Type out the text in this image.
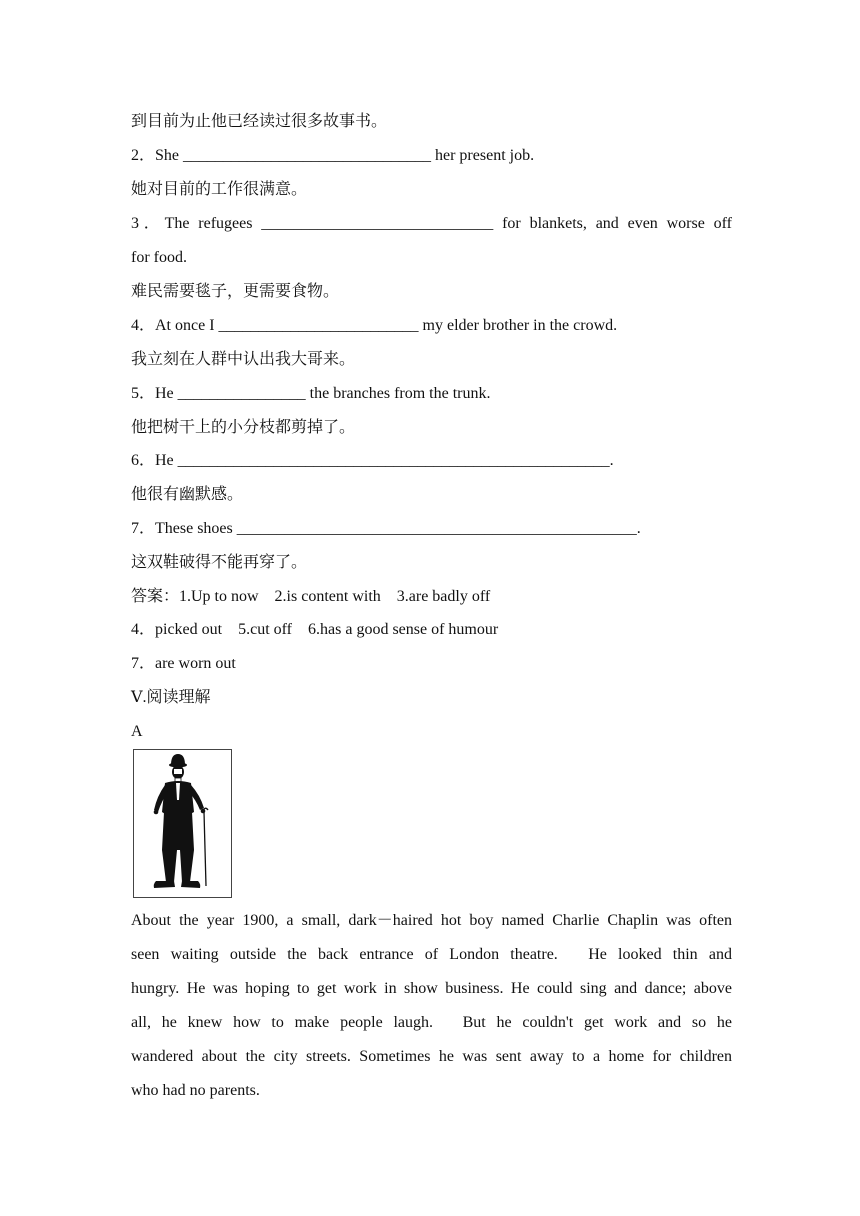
到目前为止他已经读过很多故事书。
2．She _______________________________ her present job.
她对目前的工作很满意。
3．The refugees _____________________________ for blankets, and even worse off
for food.
难民需要毯子，更需要食物。
4．At once I _________________________ my elder brother in the crowd.
我立刻在人群中认出我大哥来。
5．He ________________ the branches from the trunk.
他把树干上的小分枝都剪掉了。
6．He ______________________________________________________.
他很有幽默感。
7．These shoes __________________________________________________.
这双鞋破得不能再穿了。
答案：1.Up to now　2.is content with　3.are badly off
4．picked out　5.cut off　6.has a good sense of humour
7．are worn out
Ⅴ.阅读理解
A
About the year 1900, a small, dark－haired hot boy named Charlie Chaplin was often
seen waiting outside the back entrance of London theatre.　He looked thin and
hungry. He was hoping to get work in show business. He could sing and dance; above
all, he knew how to make people laugh.　But he couldn't get work and so he
wandered about the city streets. Sometimes he was sent away to a home for children
who had no parents.
